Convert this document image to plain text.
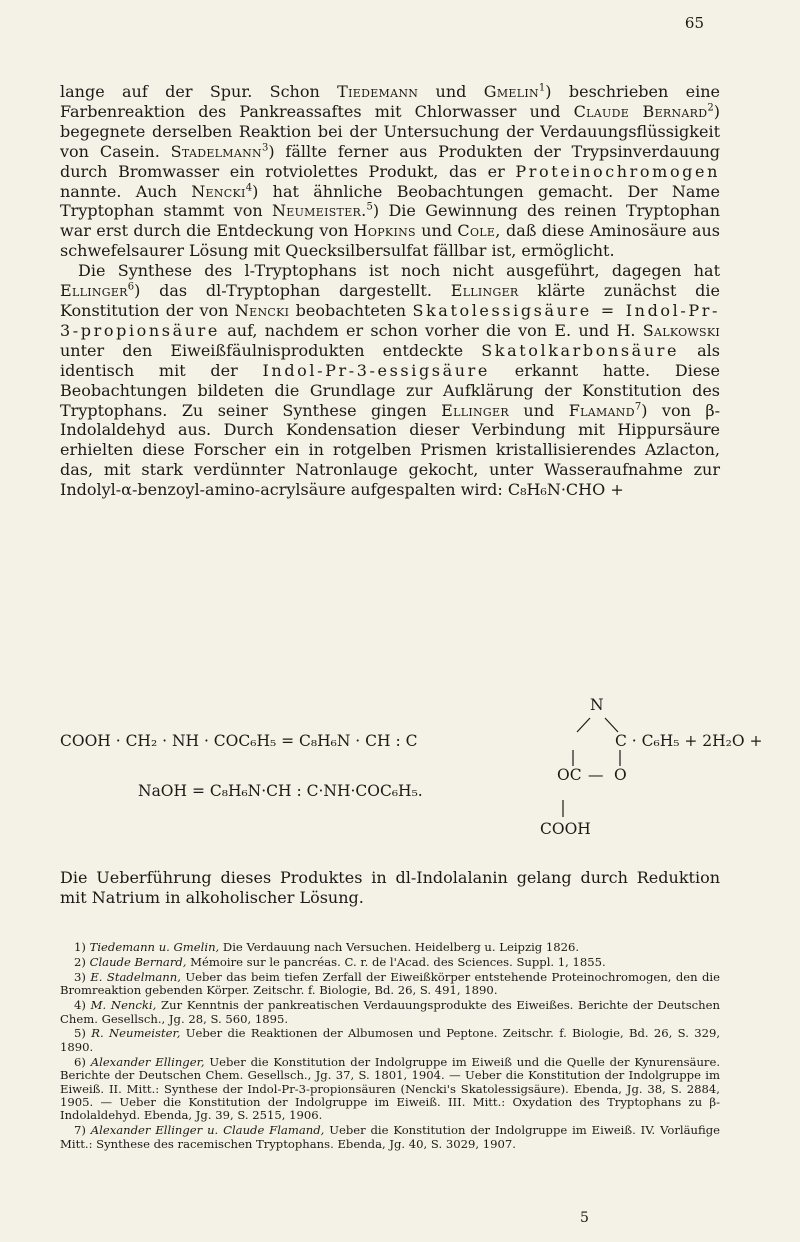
65

lange auf der Spur. Schon Tiedemann und Gmelin$^1$) beschrieben eine Farbenreaktion des Pankreassaftes mit Chlorwasser und Claude Bernard$^2$) begegnete derselben Reaktion bei der Untersuchung der Verdauungsflüssigkeit von Casein. Stadelmann$^3$) fällte ferner aus Produkten der Trypsinverdauung durch Bromwasser ein rotviolettes Produkt, das er Proteinochromogen nannte. Auch Nencki$^4$) hat ähnliche Beobachtungen gemacht. Der Name Tryptophan stammt von Neumeister.$^5$) Die Gewinnung des reinen Tryptophan war erst durch die Entdeckung von Hopkins und Cole, daß diese Aminosäure aus schwefelsaurer Lösung mit Quecksilbersulfat fällbar ist, ermöglicht.

Die Synthese des l-Tryptophans ist noch nicht ausgeführt, dagegen hat Ellinger$^6$) das dl-Tryptophan dargestellt. Ellinger klärte zunächst die Konstitution der von Nencki beobachteten Skatolessigsäure = Indol-Pr-3-propionsäure auf, nachdem er schon vorher die von E. und H. Salkowski unter den Eiweißfäulnisprodukten entdeckte Skatolkarbonsäure als identisch mit der Indol-Pr-3-essigsäure erkannt hatte. Diese Beobachtungen bildeten die Grundlage zur Aufklärung der Konstitution des Tryptophans. Zu seiner Synthese gingen Ellinger und Flamand$^7$) von β-Indolaldehyd aus. Durch Kondensation dieser Verbindung mit Hippursäure erhielten diese Forscher ein in rotgelben Prismen kristallisierendes Azlacton, das, mit stark verdünnter Natronlauge gekocht, unter Wasseraufnahme zur Indolyl-α-benzoyl-amino-acrylsäure aufgespalten wird: C₈H₆N·CHO +

N
COOH · CH₂ · NH · COC₆H₅ = C₈H₆N · CH : C	C · C₆H₅ + 2H₂O +
OC — O
NaOH = C₈H₆N·CH : C·NH·COC₆H₅.
COOH

Die Ueberführung dieses Produktes in dl-Indolalanin gelang durch Reduktion mit Natrium in alkoholischer Lösung.

1) Tiedemann u. Gmelin, Die Verdauung nach Versuchen. Heidelberg u. Leipzig 1826.

2) Claude Bernard, Mémoire sur le pancréas. C. r. de l'Acad. des Sciences. Suppl. 1, 1855.

3) E. Stadelmann, Ueber das beim tiefen Zerfall der Eiweißkörper entstehende Proteinochromogen, den die Bromreaktion gebenden Körper. Zeitschr. f. Biologie, Bd. 26, S. 491, 1890.

4) M. Nencki, Zur Kenntnis der pankreatischen Verdauungsprodukte des Eiweißes. Berichte der Deutschen Chem. Gesellsch., Jg. 28, S. 560, 1895.

5) R. Neumeister, Ueber die Reaktionen der Albumosen und Peptone. Zeitschr. f. Biologie, Bd. 26, S. 329, 1890.

6) Alexander Ellinger, Ueber die Konstitution der Indolgruppe im Eiweiß und die Quelle der Kynurensäure. Berichte der Deutschen Chem. Gesellsch., Jg. 37, S. 1801, 1904. — Ueber die Konstitution der Indolgruppe im Eiweiß. II. Mitt.: Synthese der Indol-Pr-3-propionsäuren (Nencki's Skatolessigsäure). Ebenda, Jg. 38, S. 2884, 1905. — Ueber die Konstitution der Indolgruppe im Eiweiß. III. Mitt.: Oxydation des Tryptophans zu β-Indolaldehyd. Ebenda, Jg. 39, S. 2515, 1906.

7) Alexander Ellinger u. Claude Flamand, Ueber die Konstitution der Indolgruppe im Eiweiß. IV. Vorläufige Mitt.: Synthese des racemischen Tryptophans. Ebenda, Jg. 40, S. 3029, 1907.

5
